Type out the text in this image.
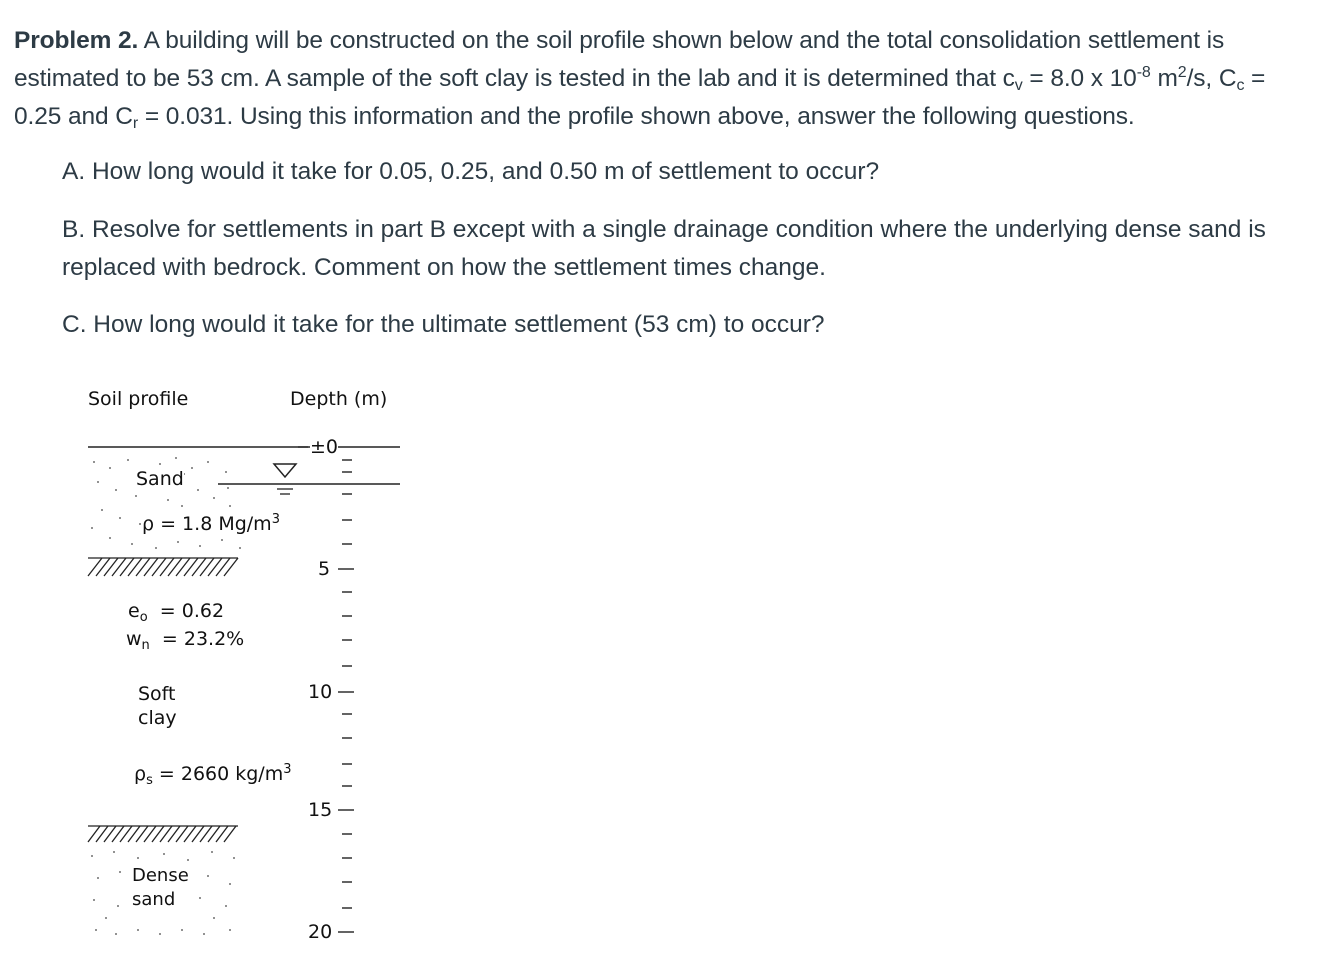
Problem 2. A building will be constructed on the soil profile shown below and the total consolidation settlement is estimated to be 53 cm. A sample of the soft clay is tested in the lab and it is determined that $c_v = 8.0$ x $10^{-8}$ $m^2/s$, $C_c = 0.25$ and $C_r = 0.031$. Using this information and the profile shown above, answer the following questions.

A. How long would it take for 0.05, 0.25, and 0.50 m of settlement to occur?

B. Resolve for settlements in part B except with a single drainage condition where the underlying dense sand is replaced with bedrock. Comment on how the settlement times change.

C. How long would it take for the ultimate settlement (53 cm) to occur?

Soil profile	Depth (m)
±0
5
10
15
20
Sand
ρ = 1.8 $Mg/m^3$
$e_o = 0.62$
$w_n = 23.2\%$
Soft
clay
$\rho_s = 2660$ $kg/m^3$
Dense
sand
